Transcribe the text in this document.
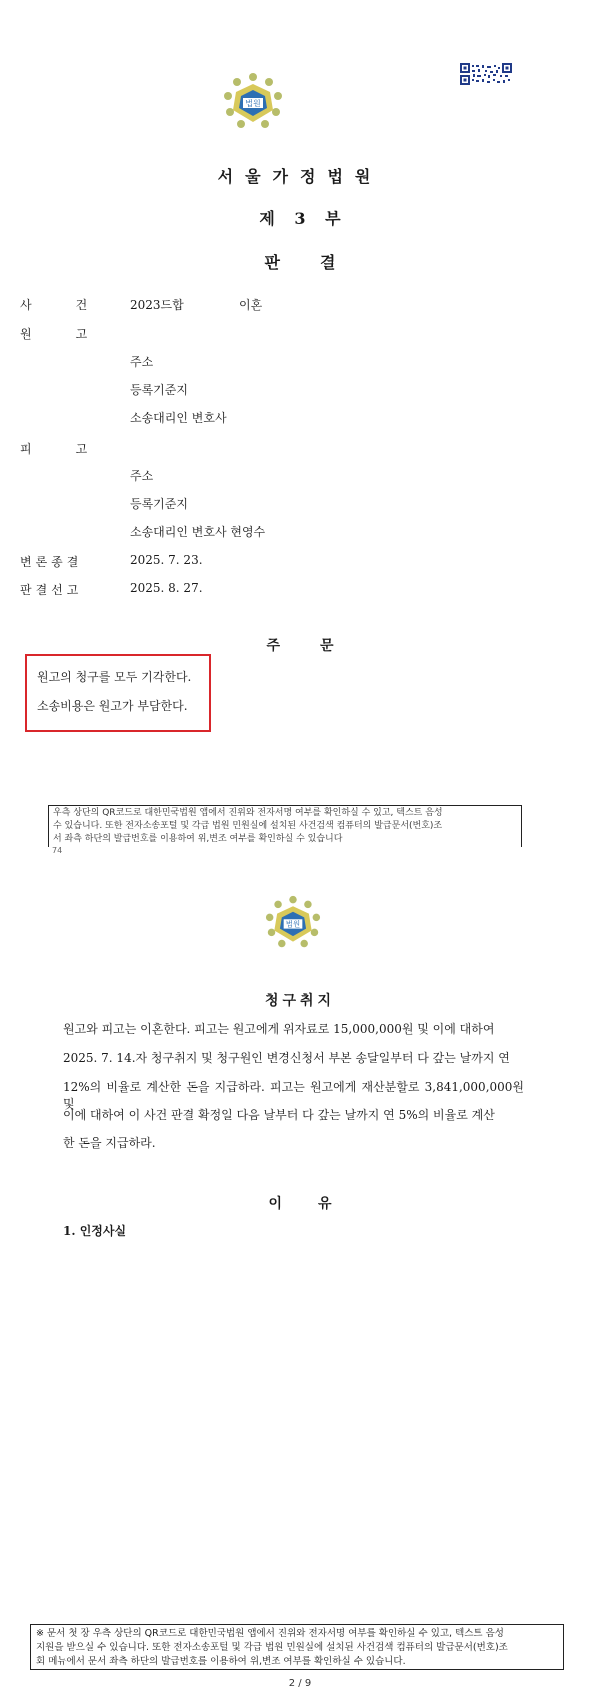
법원
서울가정법원
제 3 부
판결
사건
2023드합	이혼
원고
주소
등록기준지
소송대리인 변호사
피고
주소
등록기준지
소송대리인 변호사 현영수
변론종결	2025. 7. 23.
판결선고	2025. 8. 27.
주문
원고의 청구를 모두 기각한다.
소송비용은 원고가 부담한다.
우측 상단의 QR코드로 대한민국법원 앱에서 진위와 전자서명 여부를 확인하실 수 있고, 텍스트 음성
수 있습니다. 또한 전자소송포털 및 각급 법원 민원실에 설치된 사건검색 컴퓨터의 발급문서(번호)조
서 좌측 하단의 발급번호를 이용하여 위,변조 여부를 확인하실 수 있습니다
74
법원
청구취지
원고와 피고는 이혼한다. 피고는 원고에게 위자료로 15,000,000원 및 이에 대하여
2025. 7. 14.자 청구취지 및 청구원인 변경신청서 부본 송달일부터 다 갚는 날까지 연
12%의 비율로 계산한 돈을 지급하라. 피고는 원고에게 재산분할로 3,841,000,000원 및
이에 대하여 이 사건 판결 확정일 다음 날부터 다 갚는 날까지 연 5%의 비율로 계산
한 돈을 지급하라.
이유
1. 인정사실
※ 문서 첫 장 우측 상단의 QR코드로 대한민국법원 앱에서 진위와 전자서명 여부를 확인하실 수 있고, 텍스트 음성
지원을 받으실 수 있습니다. 또한 전자소송포털 및 각급 법원 민원실에 설치된 사건검색 컴퓨터의 발급문서(번호)조
회 메뉴에서 문서 좌측 하단의 발급번호를 이용하여 위,변조 여부를 확인하실 수 있습니다.
2 / 9
